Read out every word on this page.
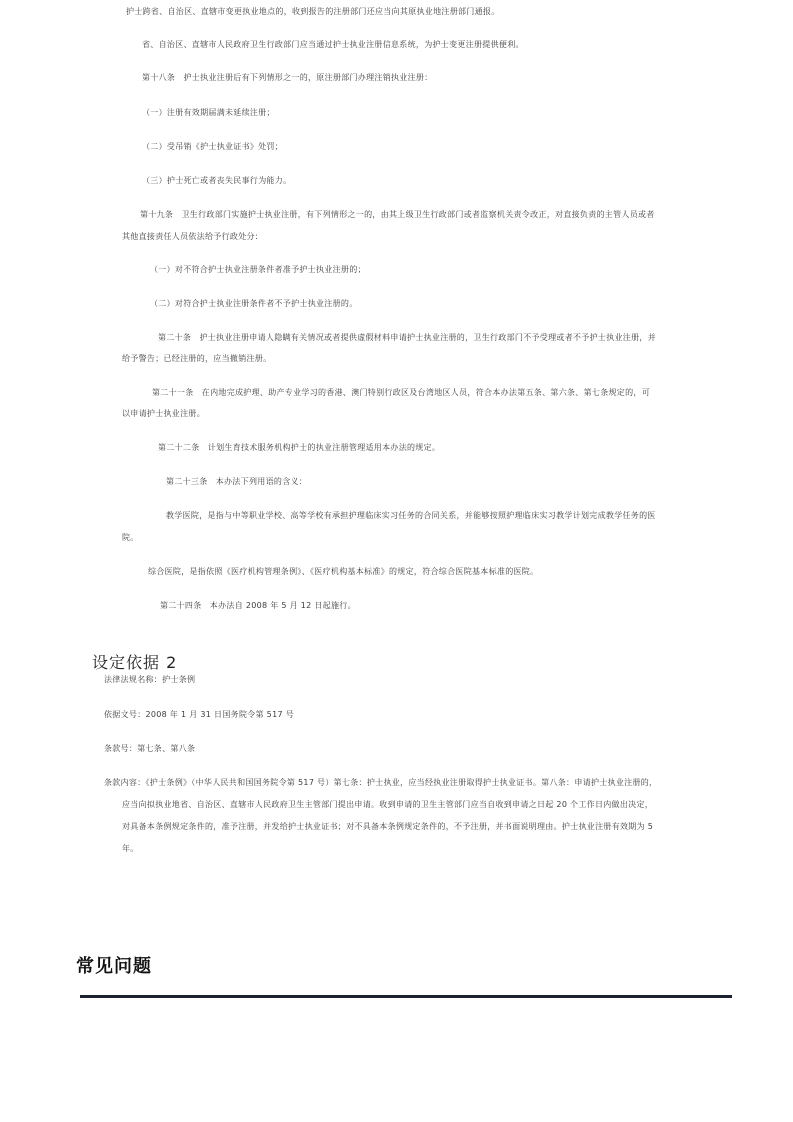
护士跨省、自治区、直辖市变更执业地点的，收到报告的注册部门还应当向其原执业地注册部门通报。
省、自治区、直辖市人民政府卫生行政部门应当通过护士执业注册信息系统，为护士变更注册提供便利。
第十八条　护士执业注册后有下列情形之一的，原注册部门办理注销执业注册：
（一）注册有效期届满未延续注册；
（二）受吊销《护士执业证书》处罚；
（三）护士死亡或者丧失民事行为能力。
第十九条　卫生行政部门实施护士执业注册，有下列情形之一的，由其上级卫生行政部门或者监察机关责令改正，对直接负责的主管人员或者
其他直接责任人员依法给予行政处分：
（一）对不符合护士执业注册条件者准予护士执业注册的；
（二）对符合护士执业注册条件者不予护士执业注册的。
第二十条　护士执业注册申请人隐瞒有关情况或者提供虚假材料申请护士执业注册的，卫生行政部门不予受理或者不予护士执业注册，并
给予警告；已经注册的，应当撤销注册。
第二十一条　在内地完成护理、助产专业学习的香港、澳门特别行政区及台湾地区人员，符合本办法第五条、第六条、第七条规定的，可
以申请护士执业注册。
第二十二条　计划生育技术服务机构护士的执业注册管理适用本办法的规定。
第二十三条　本办法下列用语的含义：
教学医院，是指与中等职业学校、高等学校有承担护理临床实习任务的合同关系，并能够按照护理临床实习教学计划完成教学任务的医
院。
综合医院，是指依照《医疗机构管理条例》、《医疗机构基本标准》的规定，符合综合医院基本标准的医院。
第二十四条　本办法自 2008 年 5 月 12 日起施行。
设定依据 2
法律法规名称：护士条例
依据文号：2008 年 1 月 31 日国务院令第 517 号
条款号：第七条、第八条
条款内容：《护士条例》（中华人民共和国国务院令第 517 号）第七条：护士执业，应当经执业注册取得护士执业证书。第八条：申请护士执业注册的，
应当向拟执业地省、自治区、直辖市人民政府卫生主管部门提出申请。收到申请的卫生主管部门应当自收到申请之日起 20 个工作日内做出决定，
对具备本条例规定条件的，准予注册，并发给护士执业证书；对不具备本条例规定条件的，不予注册，并书面说明理由。护士执业注册有效期为 5
年。
常见问题
